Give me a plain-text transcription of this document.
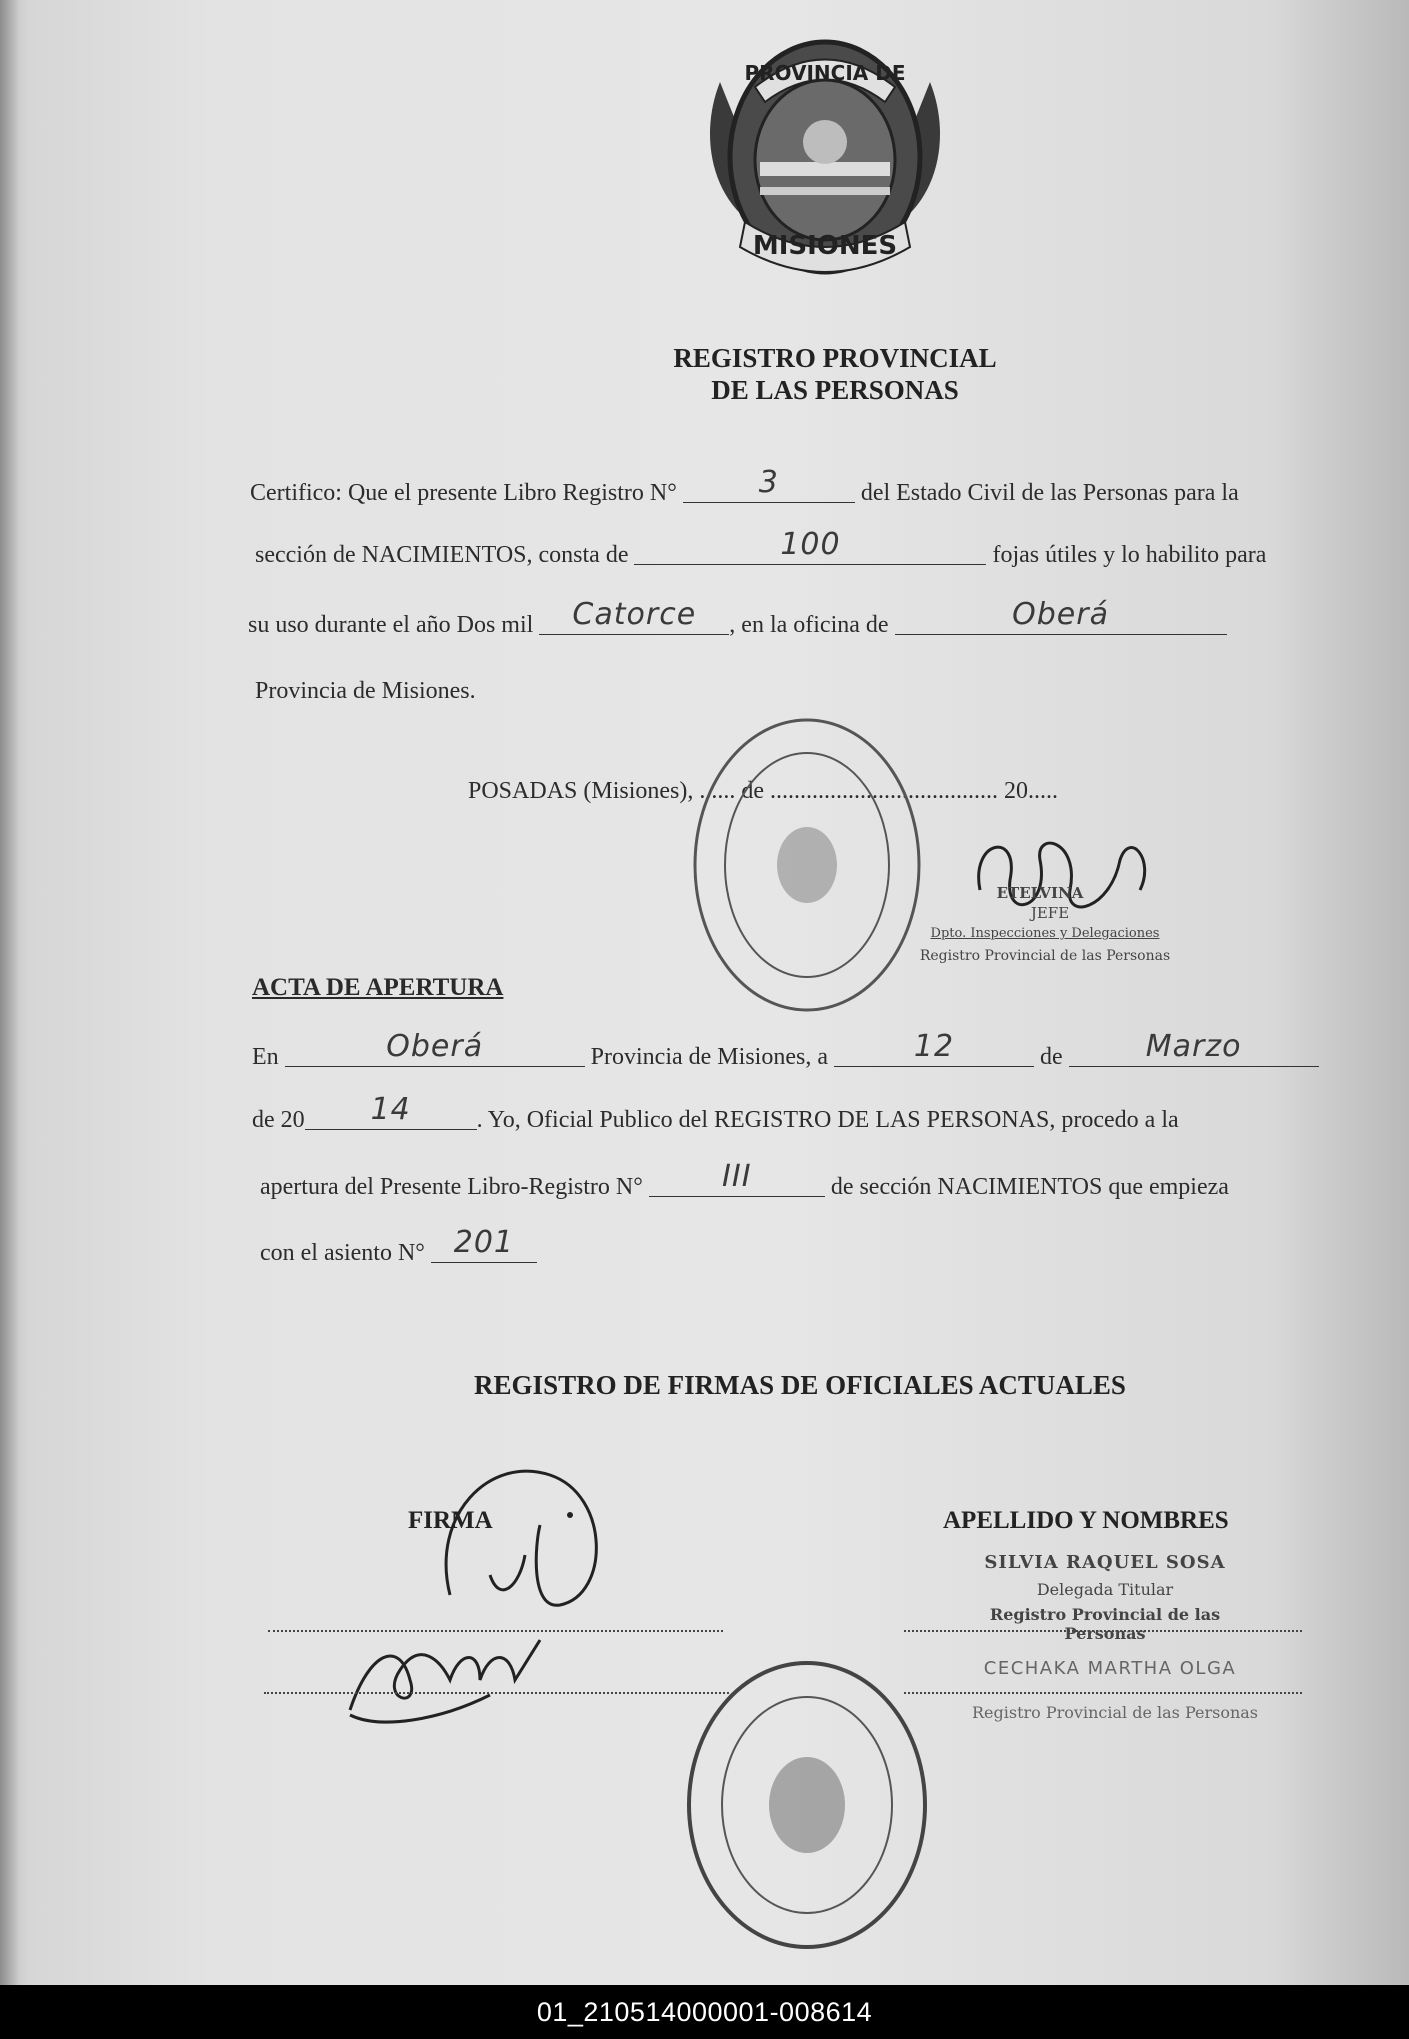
PROVINCIA DE
MISIONES
REGISTRO PROVINCIAL
DE LAS PERSONAS
Certifico: Que el presente Libro Registro N°	3	del Estado Civil de las Personas para la
sección de NACIMIENTOS, consta de	100	fojas útiles y lo habilito para
su uso durante el año Dos mil Catorce , en la oficina de	Oberá
Provincia de Misiones.
POSADAS (Misiones), ...... de ...................................... 20.....
ETELVINA
JEFE
Dpto. Inspecciones y Delegaciones
Registro Provincial de las Personas
ACTA DE APERTURA
En	Oberá	Provincia de Misiones, a	12	de	Marzo
de 20 14	. Yo, Oficial Publico del REGISTRO DE LAS PERSONAS, procedo a la
apertura del Presente Libro-Registro N°	III	de sección NACIMIENTOS que empieza
con el asiento N° 201
REGISTRO DE FIRMAS DE OFICIALES ACTUALES
FIRMA	APELLIDO Y NOMBRES
SILVIA RAQUEL SOSA
Delegada Titular
Registro Provincial de las Personas
CECHAKA MARTHA OLGA
Registro Provincial de las Personas
01_210514000001-008614
